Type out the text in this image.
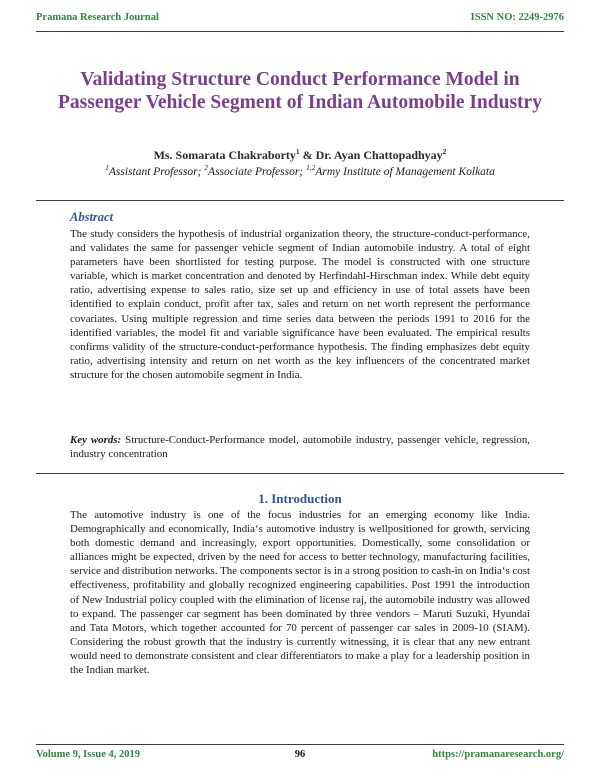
Pramana Research Journal	ISSN NO: 2249-2976
Validating Structure Conduct Performance Model in
Passenger Vehicle Segment of Indian Automobile Industry
Ms. Somarata Chakraborty$^1$ & Dr. Ayan Chattopadhyay$^2$
$^1$Assistant Professor; $^2$Associate Professor; $^{1,2}$Army Institute of Management Kolkata
Abstract
The study considers the hypothesis of industrial organization theory, the structure-conduct-performance, and validates the same for passenger vehicle segment of Indian automobile industry. A total of eight parameters have been shortlisted for testing purpose. The model is constructed with one structure variable, which is market concentration and denoted by Herfindahl-Hirschman index. While debt equity ratio, advertising expense to sales ratio, size set up and efficiency in use of total assets have been identified to explain conduct, profit after tax, sales and return on net worth represent the performance covariates. Using multiple regression and time series data between the periods 1991 to 2016 for the identified variables, the model fit and variable significance have been evaluated. The empirical results confirms validity of the structure-conduct-performance hypothesis. The finding emphasizes debt equity ratio, advertising intensity and return on net worth as the key influencers of the concentrated market structure for the chosen automobile segment in India.
Key words: Structure-Conduct-Performance model, automobile industry, passenger vehicle, regression, industry concentration
1. Introduction
The automotive industry is one of the focus industries for an emerging economy like India. Demographically and economically, India‘s automotive industry is wellpositioned for growth, servicing both domestic demand and increasingly, export opportunities. Domestically, some consolidation or alliances might be expected, driven by the need for access to better technology, manufacturing facilities, service and distribution networks. The components sector is in a strong position to cash-in on India‘s cost effectiveness, profitability and globally recognized engineering capabilities. Post 1991 the introduction of New Industrial policy coupled with the elimination of license raj, the automobile industry was allowed to expand. The passenger car segment has been dominated by three vendors – Maruti Suzuki, Hyundai and Tata Motors, which together accounted for 70 percent of passenger car sales in 2009-10 (SIAM). Considering the robust growth that the industry is currently witnessing, it is clear that any new entrant would need to demonstrate consistent and clear differentiators to make a play for a leadership position in the Indian market.
Volume 9, Issue 4, 2019	96	https://pramanaresearch.org/
